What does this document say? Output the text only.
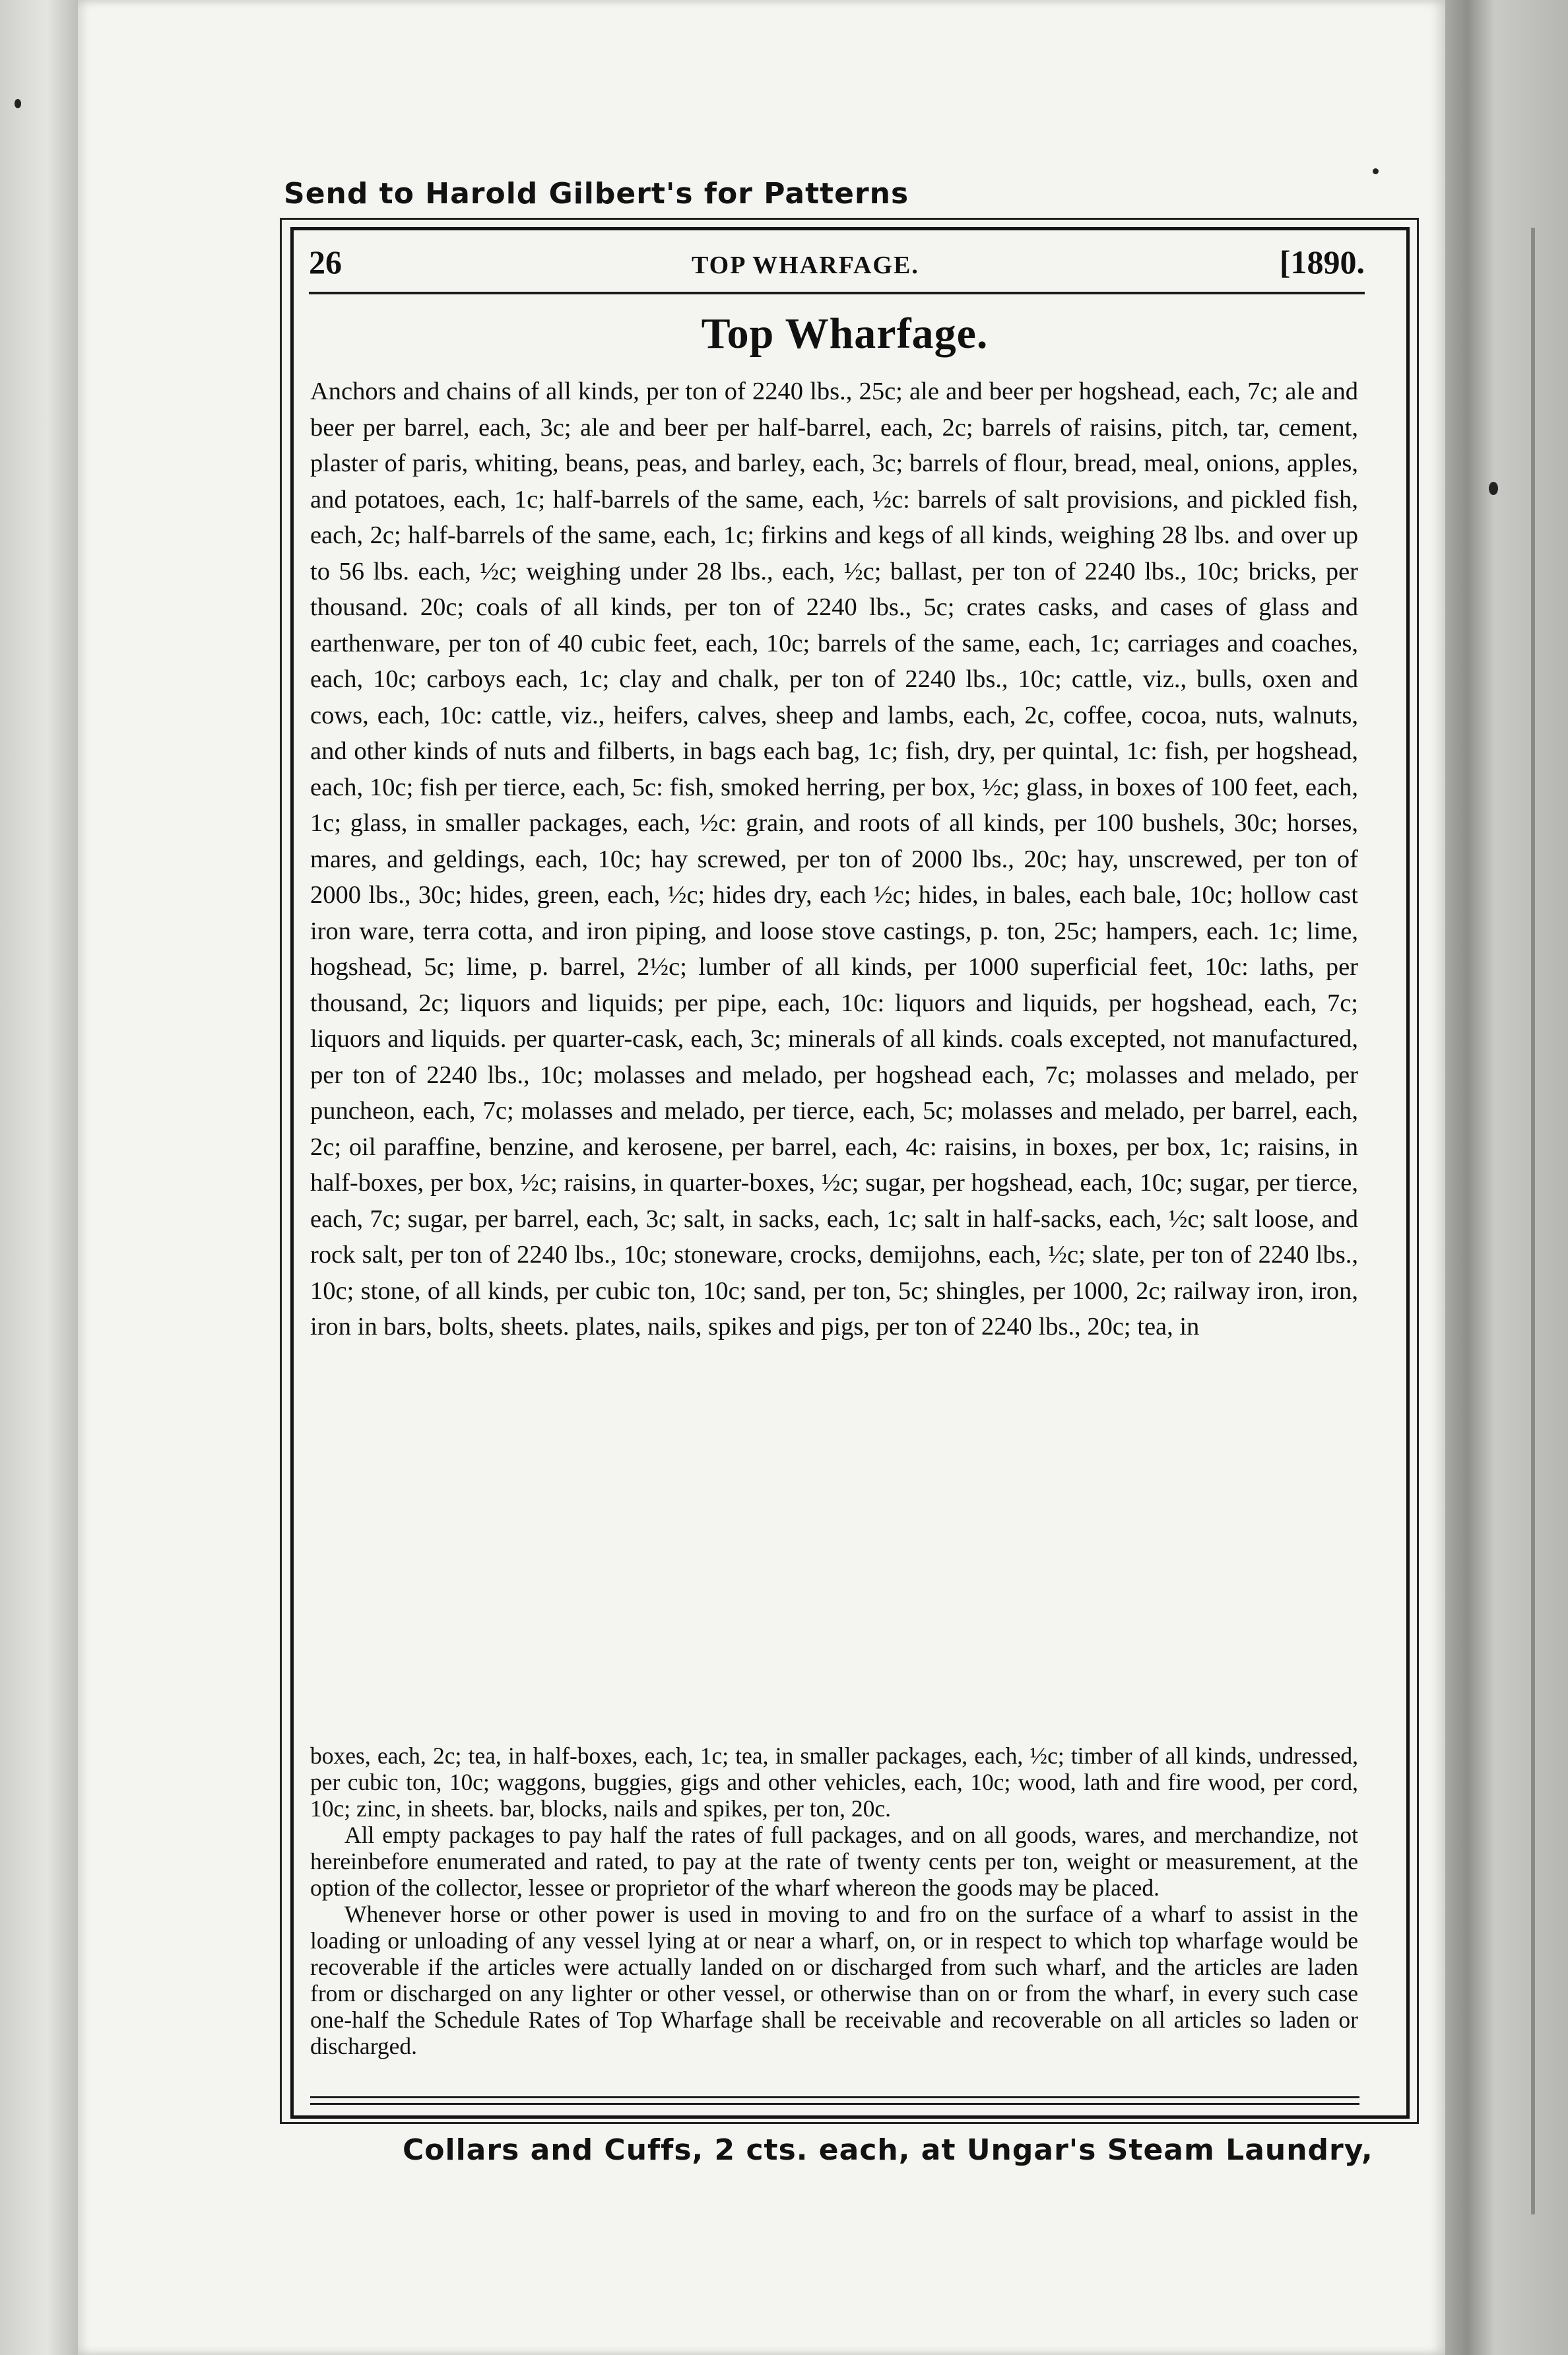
Send to Harold Gilbert's for Patterns
26	TOP WHARFAGE.	[1890.
Top Wharfage.

Anchors and chains of all kinds, per ton of 2240 lbs., 25c; ale and beer per hogshead, each, 7c; ale and beer per barrel, each, 3c; ale and beer per half-barrel, each, 2c; barrels of raisins, pitch, tar, cement, plaster of paris, whiting, beans, peas, and barley, each, 3c; barrels of flour, bread, meal, onions, apples, and potatoes, each, 1c; half-barrels of the same, each, ½c: barrels of salt provisions, and pickled fish, each, 2c; half-barrels of the same, each, 1c; firkins and kegs of all kinds, weighing 28 lbs. and over up to 56 lbs. each, ½c; weighing under 28 lbs., each, ½c; ballast, per ton of 2240 lbs., 10c; bricks, per thousand. 20c; coals of all kinds, per ton of 2240 lbs., 5c; crates casks, and cases of glass and earthenware, per ton of 40 cubic feet, each, 10c; barrels of the same, each, 1c; carriages and coaches, each, 10c; carboys each, 1c; clay and chalk, per ton of 2240 lbs., 10c; cattle, viz., bulls, oxen and cows, each, 10c: cattle, viz., heifers, calves, sheep and lambs, each, 2c, coffee, cocoa, nuts, walnuts, and other kinds of nuts and filberts, in bags each bag, 1c; fish, dry, per quintal, 1c: fish, per hogshead, each, 10c; fish per tierce, each, 5c: fish, smoked herring, per box, ½c; glass, in boxes of 100 feet, each, 1c; glass, in smaller packages, each, ½c: grain, and roots of all kinds, per 100 bushels, 30c; horses, mares, and geldings, each, 10c; hay screwed, per ton of 2000 lbs., 20c; hay, unscrewed, per ton of 2000 lbs., 30c; hides, green, each, ½c; hides dry, each ½c; hides, in bales, each bale, 10c; hollow cast iron ware, terra cotta, and iron piping, and loose stove castings, p. ton, 25c; hampers, each. 1c; lime, hogshead, 5c; lime, p. barrel, 2½c; lumber of all kinds, per 1000 superficial feet, 10c: laths, per thousand, 2c; liquors and liquids; per pipe, each, 10c: liquors and liquids, per hogshead, each, 7c; liquors and liquids. per quarter-cask, each, 3c; minerals of all kinds. coals excepted, not manufactured, per ton of 2240 lbs., 10c; molasses and melado, per hogshead each, 7c; molasses and melado, per puncheon, each, 7c; molasses and melado, per tierce, each, 5c; molasses and melado, per barrel, each, 2c; oil paraffine, benzine, and kerosene, per barrel, each, 4c: raisins, in boxes, per box, 1c; raisins, in half-boxes, per box, ½c; raisins, in quarter-boxes, ½c; sugar, per hogshead, each, 10c; sugar, per tierce, each, 7c; sugar, per barrel, each, 3c; salt, in sacks, each, 1c; salt in half-sacks, each, ½c; salt loose, and rock salt, per ton of 2240 lbs., 10c; stoneware, crocks, demijohns, each, ½c; slate, per ton of 2240 lbs., 10c; stone, of all kinds, per cubic ton, 10c; sand, per ton, 5c; shingles, per 1000, 2c; railway iron, iron, iron in bars, bolts, sheets. plates, nails, spikes and pigs, per ton of 2240 lbs., 20c; tea, in

boxes, each, 2c; tea, in half-boxes, each, 1c; tea, in smaller packages, each, ½c; timber of all kinds, undressed, per cubic ton, 10c; waggons, buggies, gigs and other vehicles, each, 10c; wood, lath and fire wood, per cord, 10c; zinc, in sheets. bar, blocks, nails and spikes, per ton, 20c.

All empty packages to pay half the rates of full packages, and on all goods, wares, and merchandize, not hereinbefore enumerated and rated, to pay at the rate of twenty cents per ton, weight or measurement, at the option of the collector, lessee or proprietor of the wharf whereon the goods may be placed.

Whenever horse or other power is used in moving to and fro on the surface of a wharf to assist in the loading or unloading of any vessel lying at or near a wharf, on, or in respect to which top wharfage would be recoverable if the articles were actually landed on or discharged from such wharf, and the articles are laden from or discharged on any lighter or other vessel, or otherwise than on or from the wharf, in every such case one-half the Schedule Rates of Top Wharfage shall be receivable and recoverable on all articles so laden or discharged.

Collars and Cuffs, 2 cts. each, at Ungar's Steam Laundry,
